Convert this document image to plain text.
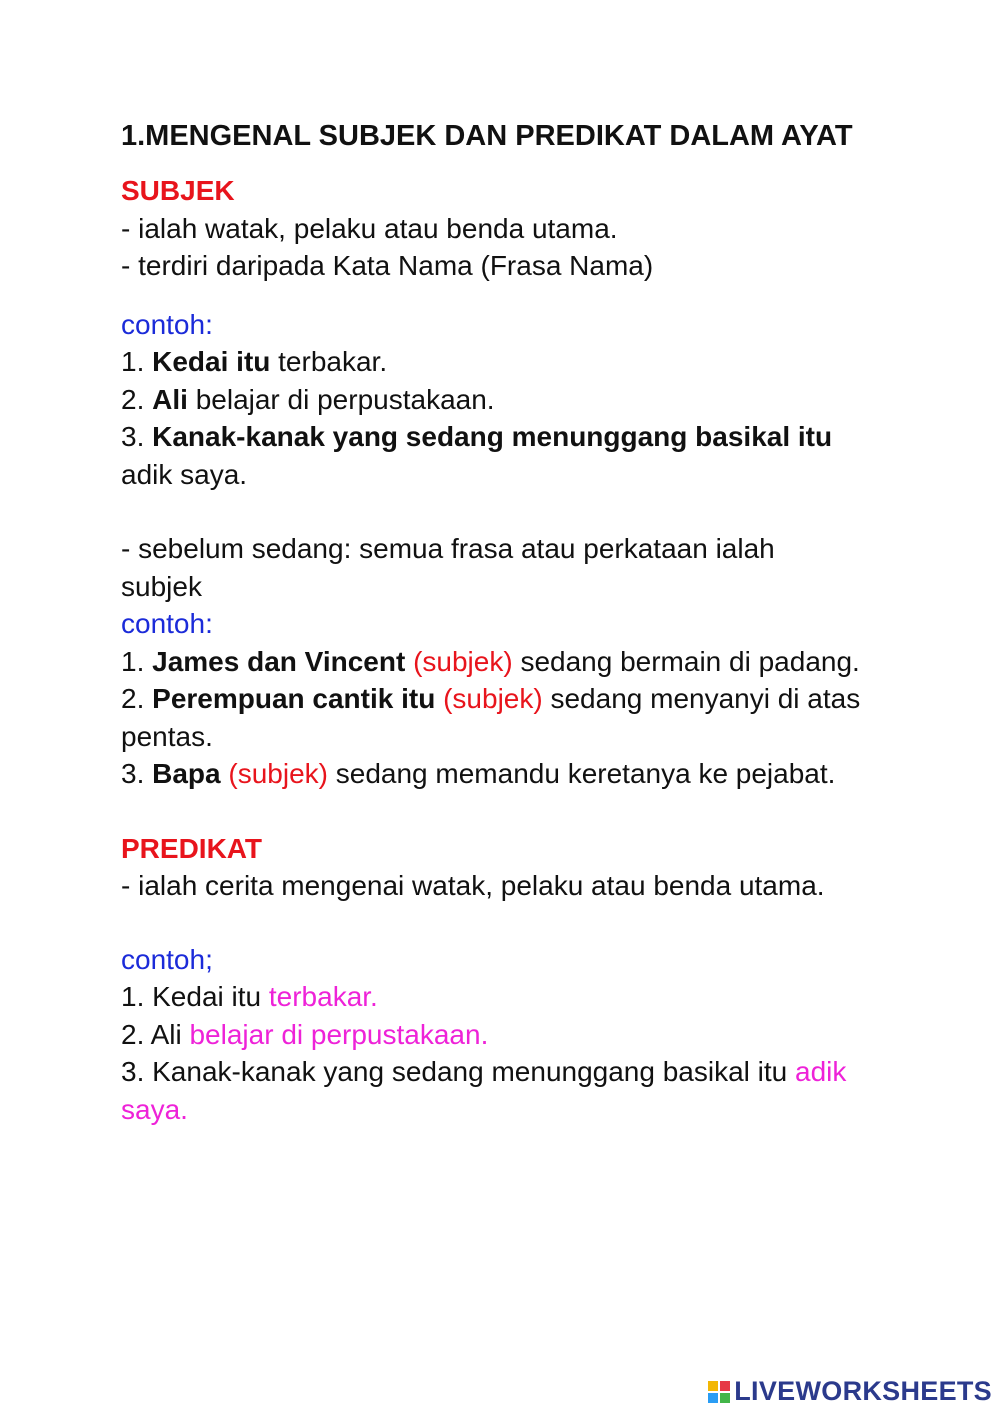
1.MENGENAL SUBJEK DAN PREDIKAT DALAM AYAT
SUBJEK
- ialah watak, pelaku atau benda utama.
- terdiri daripada Kata Nama (Frasa Nama)
contoh:
1. Kedai itu terbakar.
2. Ali belajar di perpustakaan.
3. Kanak-kanak yang sedang menunggang basikal itu adik saya.
- sebelum sedang: semua frasa atau perkataan ialah subjek
contoh:
1. James dan Vincent (subjek) sedang bermain di padang.
2. Perempuan cantik itu (subjek) sedang menyanyi di atas pentas.
3. Bapa (subjek) sedang memandu keretanya ke pejabat.
PREDIKAT
- ialah cerita mengenai watak, pelaku atau benda utama.
contoh;
1. Kedai itu terbakar.
2. Ali belajar di perpustakaan.
3. Kanak-kanak yang sedang menunggang basikal itu adik saya.
LIVEWORKSHEETS
